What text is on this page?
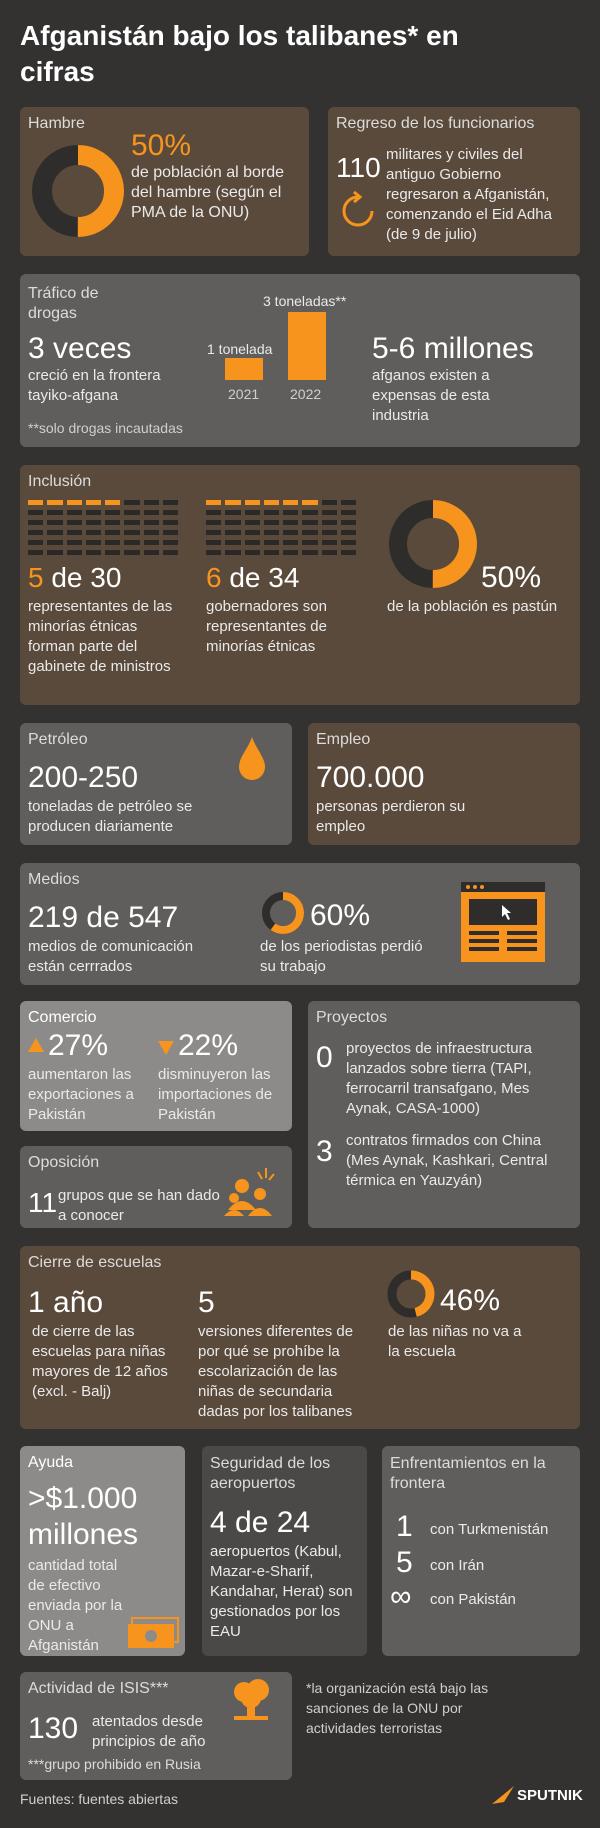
Afganistán bajo los talibanes* en cifras
Hambre
50%
de población al borde del hambre (según el PMA de la ONU)
Regreso de los funcionarios
110 militares y civiles del antiguo Gobierno regresaron a Afganistán, comenzando el Eid Adha (de 9 de julio)
Tráfico de drogas
3 veces
creció en la frontera tayiko-afgana
**solo drogas incautadas
1 tonelada
2021
3 toneladas**
2022
5-6 millones
afganos existen a expensas de esta industria
Inclusión
5 de 30
representantes de las minorías étnicas forman parte del gabinete de ministros
6 de 34
gobernadores son representantes de minorías étnicas
50%
de la población es pastún
Petróleo
200-250
toneladas de petróleo se producen diariamente
Empleo
700.000
personas perdieron su empleo
Medios
219 de 547
medios de comunicación están cerrrados
60%
de los periodistas perdió su trabajo
Comercio
27%
aumentaron las exportaciones a Pakistán
22%
disminuyeron las importaciones de Pakistán
Oposición
11 grupos que se han dado a conocer
Proyectos
0 proyectos de infraestructura lanzados sobre tierra (TAPI, ferrocarril transafgano, Mes Aynak, CASA-1000)
3 contratos firmados con China (Mes Aynak, Kashkari, Central térmica en Yauzyán)
Cierre de escuelas
1 año
de cierre de las escuelas para niñas mayores de 12 años (excl. - Balj)
5
versiones diferentes de por qué se prohíbe la escolarización de las niñas de secundaria dadas por los talibanes
46%
de las niñas no va a la escuela
Ayuda
>$1.000
millones
cantidad total de efectivo enviada por la ONU a Afganistán
Seguridad de los aeropuertos
4 de 24
aeropuertos (Kabul, Mazar-e-Sharif, Kandahar, Herat) son gestionados por los EAU
Enfrentamientos en la frontera
1 con Turkmenistán
5 con Irán
∞ con Pakistán
Actividad de ISIS***
130 atentados desde principios de año
***grupo prohibido en Rusia
*la organización está bajo las sanciones de la ONU por actividades terroristas
Fuentes: fuentes abiertas	SPUTNIK
